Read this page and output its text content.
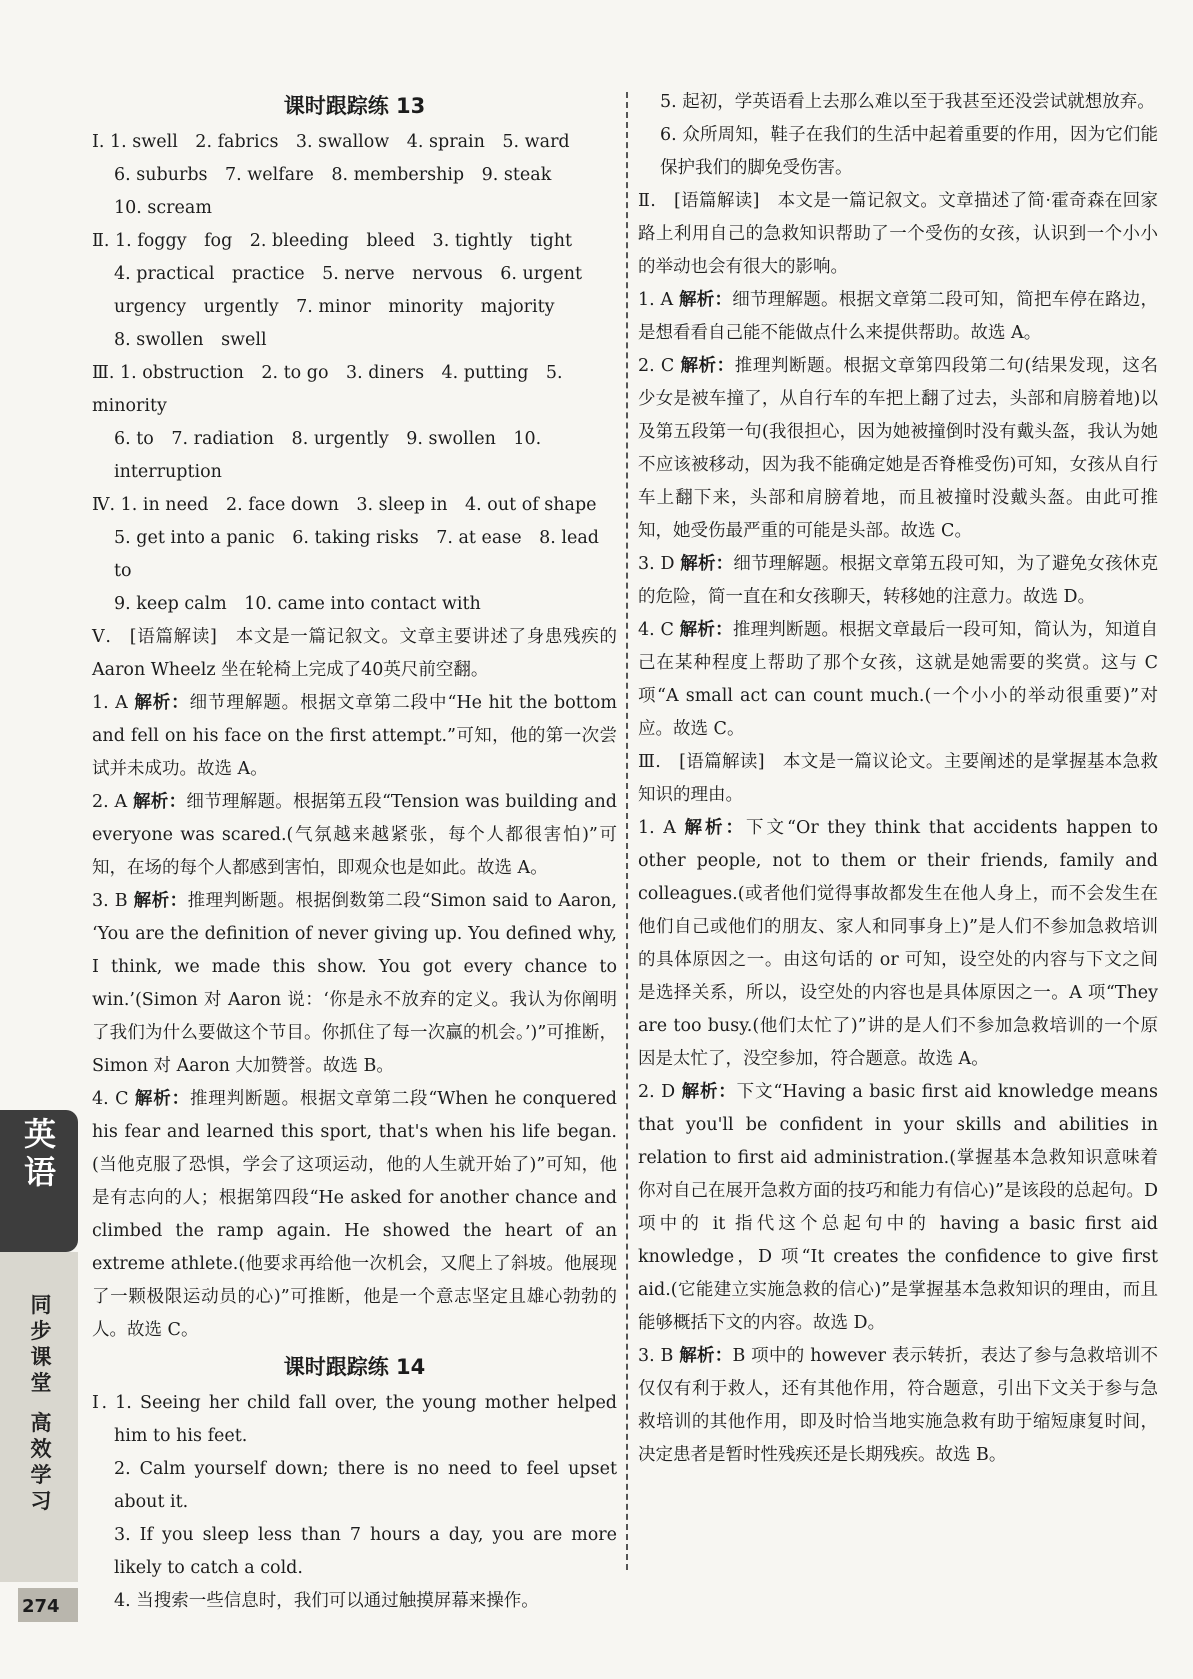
课时跟踪练 13

Ⅰ. 1. swell　2. fabrics　3. swallow　4. sprain　5. ward

6. suburbs　7. welfare　8. membership　9. steak

10. scream

Ⅱ. 1. foggy　fog　2. bleeding　bleed　3. tightly　tight

4. practical　practice　5. nerve　nervous　6. urgent

urgency　urgently　7. minor　minority　majority

8. swollen　swell

Ⅲ. 1. obstruction　2. to go　3. diners　4. putting　5. minority

6. to　7. radiation　8. urgently　9. swollen　10. interruption

Ⅳ. 1. in need　2. face down　3. sleep in　4. out of shape

5. get into a panic　6. taking risks　7. at ease　8. lead to

9. keep calm　10. came into contact with

Ⅴ.　[语篇解读]　本文是一篇记叙文。文章主要讲述了身患残疾的 Aaron Wheelz 坐在轮椅上完成了40英尺前空翻。

1. A 解析：细节理解题。根据文章第二段中“He hit the bottom and fell on his face on the first attempt.”可知，他的第一次尝试并未成功。故选 A。

2. A 解析：细节理解题。根据第五段“Tension was building and everyone was scared.(气氛越来越紧张，每个人都很害怕)”可知，在场的每个人都感到害怕，即观众也是如此。故选 A。

3. B 解析：推理判断题。根据倒数第二段“Simon said to Aaron, ‘You are the definition of never giving up. You defined why, I think, we made this show. You got every chance to win.’(Simon 对 Aaron 说：‘你是永不放弃的定义。我认为你阐明了我们为什么要做这个节目。你抓住了每一次赢的机会。’)”可推断，Simon 对 Aaron 大加赞誉。故选 B。

4. C 解析：推理判断题。根据文章第二段“When he conquered his fear and learned this sport, that's when his life began.(当他克服了恐惧，学会了这项运动，他的人生就开始了)”可知，他是有志向的人；根据第四段“He asked for another chance and climbed the ramp again. He showed the heart of an extreme athlete.(他要求再给他一次机会，又爬上了斜坡。他展现了一颗极限运动员的心)”可推断，他是一个意志坚定且雄心勃勃的人。故选 C。

课时跟踪练 14

Ⅰ. 1. Seeing her child fall over, the young mother helped him to his feet.

2. Calm yourself down; there is no need to feel upset about it.

3. If you sleep less than 7 hours a day, you are more likely to catch a cold.

4. 当搜索一些信息时，我们可以通过触摸屏幕来操作。

5. 起初，学英语看上去那么难以至于我甚至还没尝试就想放弃。

6. 众所周知，鞋子在我们的生活中起着重要的作用，因为它们能保护我们的脚免受伤害。

Ⅱ.　[语篇解读]　本文是一篇记叙文。文章描述了简·霍奇森在回家路上利用自己的急救知识帮助了一个受伤的女孩，认识到一个小小的举动也会有很大的影响。

1. A 解析：细节理解题。根据文章第二段可知，简把车停在路边，是想看看自己能不能做点什么来提供帮助。故选 A。

2. C 解析：推理判断题。根据文章第四段第二句(结果发现，这名少女是被车撞了，从自行车的车把上翻了过去，头部和肩膀着地)以及第五段第一句(我很担心，因为她被撞倒时没有戴头盔，我认为她不应该被移动，因为我不能确定她是否脊椎受伤)可知，女孩从自行车上翻下来，头部和肩膀着地，而且被撞时没戴头盔。由此可推知，她受伤最严重的可能是头部。故选 C。

3. D 解析：细节理解题。根据文章第五段可知，为了避免女孩休克的危险，简一直在和女孩聊天，转移她的注意力。故选 D。

4. C 解析：推理判断题。根据文章最后一段可知，简认为，知道自己在某种程度上帮助了那个女孩，这就是她需要的奖赏。这与 C 项“A small act can count much.(一个小小的举动很重要)”对应。故选 C。

Ⅲ.　[语篇解读]　本文是一篇议论文。主要阐述的是掌握基本急救知识的理由。

1. A 解析：下文“Or they think that accidents happen to other people, not to them or their friends, family and colleagues.(或者他们觉得事故都发生在他人身上，而不会发生在他们自己或他们的朋友、家人和同事身上)”是人们不参加急救培训的具体原因之一。由这句话的 or 可知，设空处的内容与下文之间是选择关系，所以，设空处的内容也是具体原因之一。A 项“They are too busy.(他们太忙了)”讲的是人们不参加急救培训的一个原因是太忙了，没空参加，符合题意。故选 A。

2. D 解析：下文“Having a basic first aid knowledge means that you'll be confident in your skills and abilities in relation to first aid administration.(掌握基本急救知识意味着你对自己在展开急救方面的技巧和能力有信心)”是该段的总起句。D 项中的 it 指代这个总起句中的 having a basic first aid knowledge，D 项“It creates the confidence to give first aid.(它能建立实施急救的信心)”是掌握基本急救知识的理由，而且能够概括下文的内容。故选 D。

3. B 解析：B 项中的 however 表示转折，表达了参与急救培训不仅仅有利于救人，还有其他作用，符合题意，引出下文关于参与急救培训的其他作用，即及时恰当地实施急救有助于缩短康复时间，决定患者是暂时性残疾还是长期残疾。故选 B。

英语
同
步
课
堂
高
效
学
习
274
